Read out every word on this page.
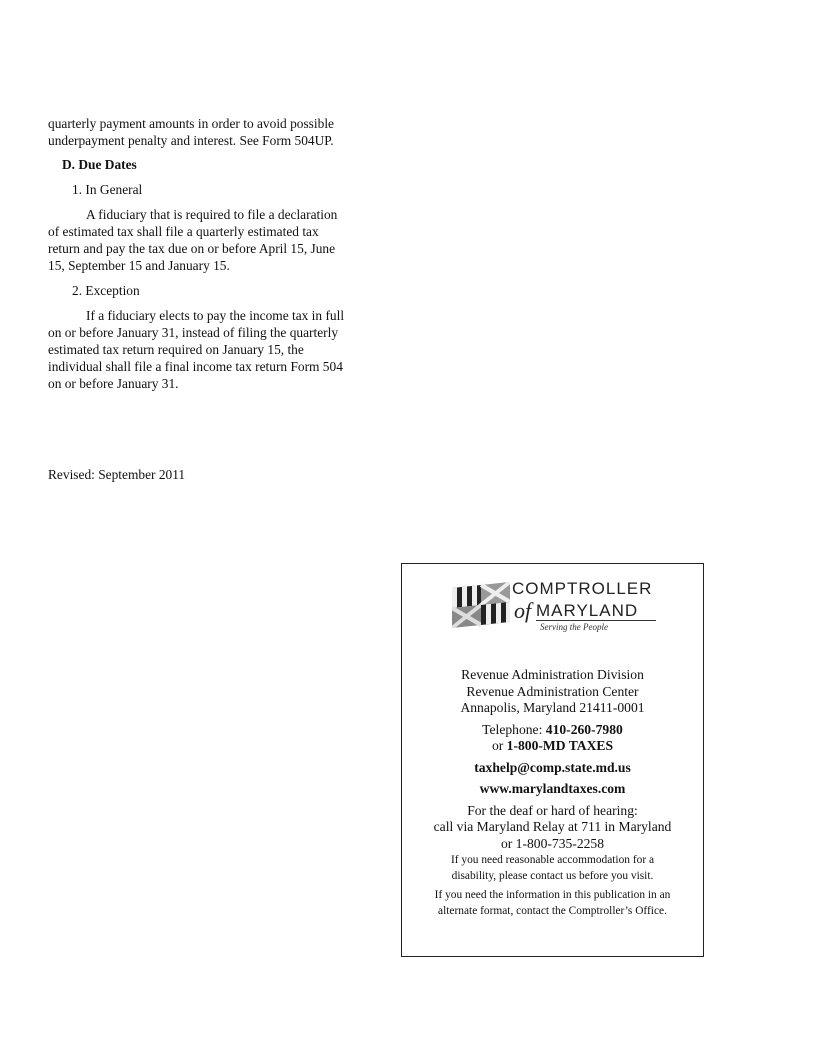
quarterly payment amounts in order to avoid possible underpayment penalty and interest. See Form 504UP.

D. Due Dates

1. In General

A fiduciary that is required to file a declaration of estimated tax shall file a quarterly estimated tax return and pay the tax due on or before April 15, June 15, September 15 and January 15.

2. Exception

If a fiduciary elects to pay the income tax in full on or before January 31, instead of filing the quarterly estimated tax return required on January 15, the individual shall file a final income tax return Form 504 on or before January 31.

Revised: September 2011
COMPTROLLER
of MARYLAND
Serving the People
Revenue Administration Division
Revenue Administration Center
Annapolis, Maryland 21411-0001
Telephone: 410-260-7980
or 1-800-MD TAXES
taxhelp@comp.state.md.us
www.marylandtaxes.com
For the deaf or hard of hearing:
call via Maryland Relay at 711 in Maryland
or 1-800-735-2258
If you need reasonable accommodation for a
disability, please contact us before you visit.
If you need the information in this publication in an
alternate format, contact the Comptroller’s Office.
